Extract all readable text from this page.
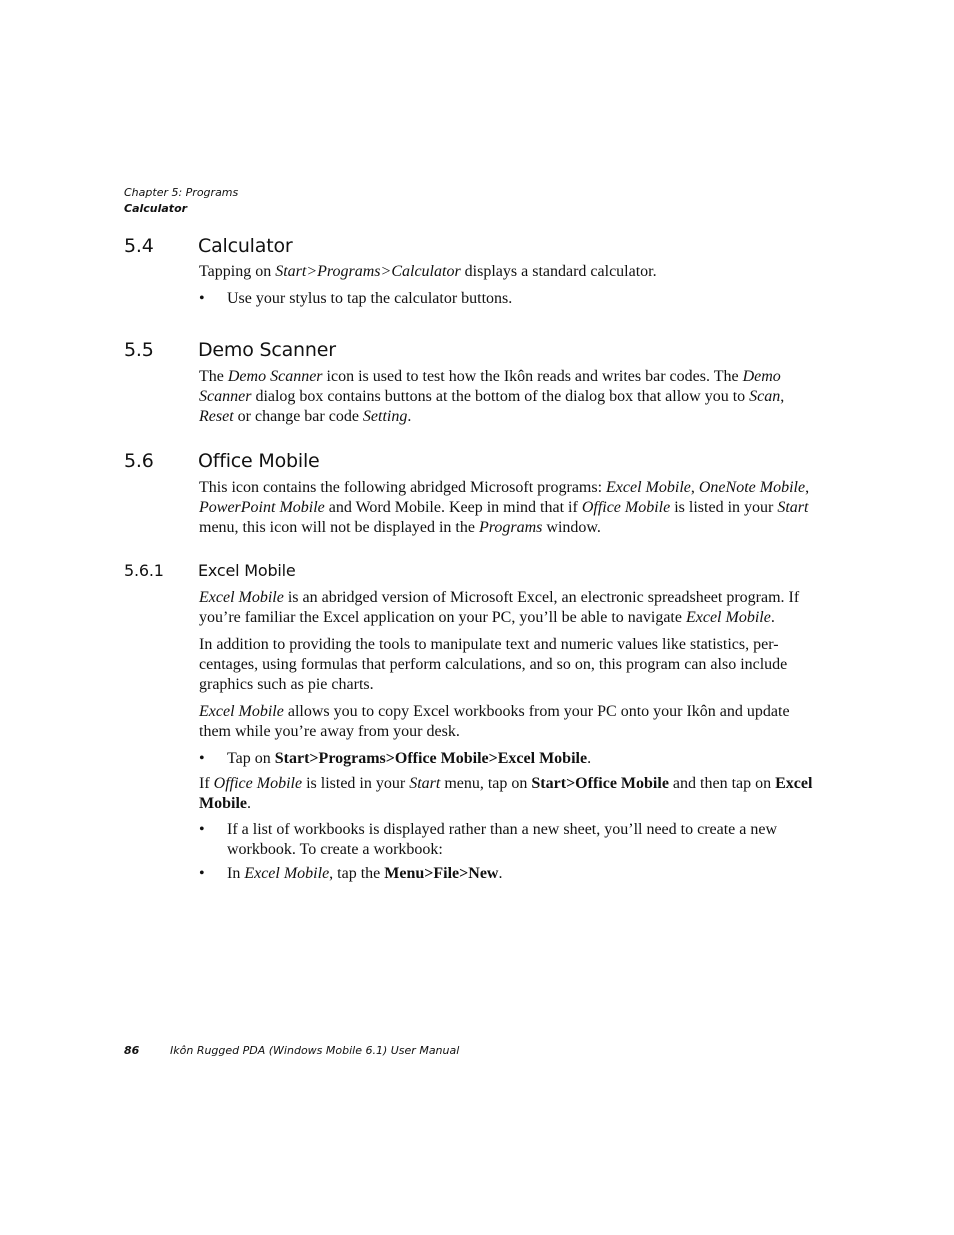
Chapter 5: Programs
Calculator
5.4 Calculator

Tapping on Start>Programs>Calculator displays a standard calculator.

• Use your stylus to tap the calculator buttons.
5.5 Demo Scanner

The Demo Scanner icon is used to test how the Ikôn reads and writes bar codes. The Demo Scanner dialog box contains buttons at the bottom of the dialog box that allow you to Scan, Reset or change bar code Setting.

5.6 Office Mobile

This icon contains the following abridged Microsoft programs: Excel Mobile, OneNote Mobile, PowerPoint Mobile and Word Mobile. Keep in mind that if Office Mobile is listed in your Start menu, this icon will not be displayed in the Programs window.

5.6.1 Excel Mobile

Excel Mobile is an abridged version of Microsoft Excel, an electronic spreadsheet program. If you’re familiar the Excel application on your PC, you’ll be able to navigate Excel Mobile.

In addition to providing the tools to manipulate text and numeric values like statistics, per-centages, using formulas that perform calculations, and so on, this program can also include graphics such as pie charts.

Excel Mobile allows you to copy Excel workbooks from your PC onto your Ikôn and update them while you’re away from your desk.

• Tap on Start>Programs>Office Mobile>Excel Mobile.

If Office Mobile is listed in your Start menu, tap on Start>Office Mobile and then tap on Excel Mobile.

• If a list of workbooks is displayed rather than a new sheet, you’ll need to create a new workbook. To create a workbook:
• In Excel Mobile, tap the Menu>File>New.
86	Ikôn Rugged PDA (Windows Mobile 6.1) User Manual
